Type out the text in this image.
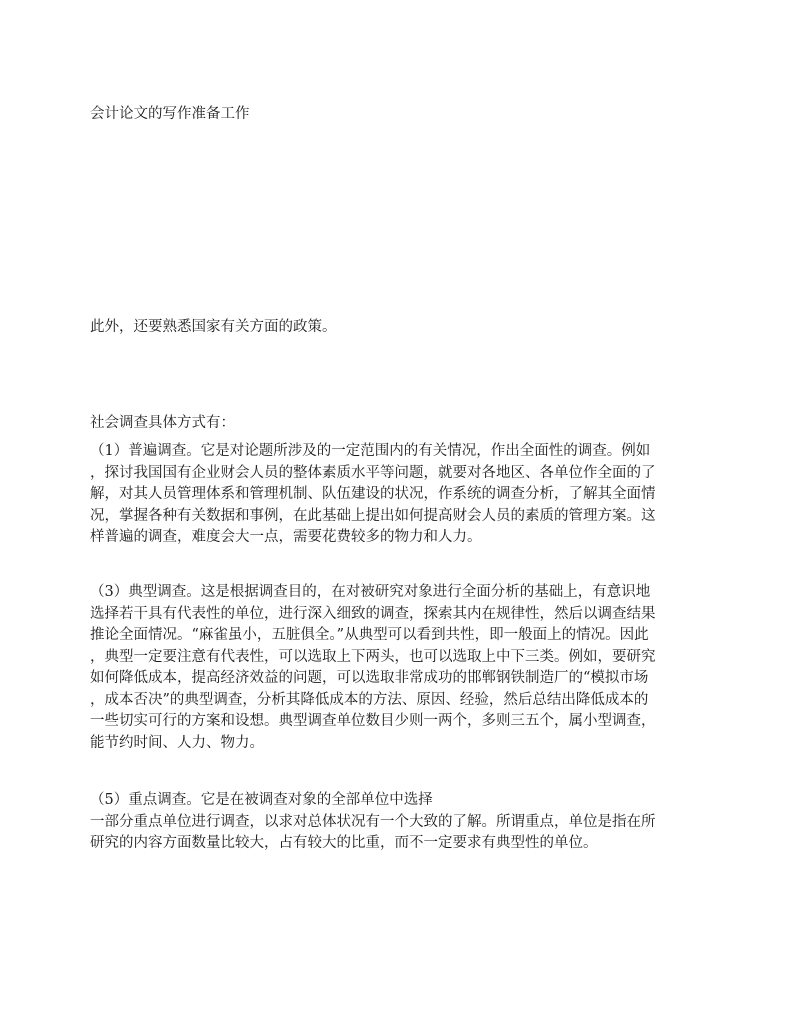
会计论文的写作准备工作

此外，还要熟悉国家有关方面的政策。

社会调查具体方式有：

（1）普遍调查。它是对论题所涉及的一定范围内的有关情况，作出全面性的调查。例如
，探讨我国国有企业财会人员的整体素质水平等问题，就要对各地区、各单位作全面的了
解，对其人员管理体系和管理机制、队伍建设的状况，作系统的调查分析，了解其全面情
况，掌握各种有关数据和事例，在此基础上提出如何提高财会人员的素质的管理方案。这
样普遍的调查，难度会大一点，需要花费较多的物力和人力。

（3）典型调查。这是根据调查目的，在对被研究对象进行全面分析的基础上，有意识地
选择若干具有代表性的单位，进行深入细致的调查，探索其内在规律性，然后以调查结果
推论全面情况。“麻雀虽小，五脏俱全。”从典型可以看到共性，即一般面上的情况。因此
，典型一定要注意有代表性，可以选取上下两头，也可以选取上中下三类。例如，要研究
如何降低成本，提高经济效益的问题，可以选取非常成功的邯郸钢铁制造厂的“模拟市场
，成本否决”的典型调查，分析其降低成本的方法、原因、经验，然后总结出降低成本的
一些切实可行的方案和设想。典型调查单位数目少则一两个，多则三五个，属小型调查，
能节约时间、人力、物力。

（5）重点调查。它是在被调查对象的全部单位中选择
一部分重点单位进行调查，以求对总体状况有一个大致的了解。所谓重点，单位是指在所
研究的内容方面数量比较大，占有较大的比重，而不一定要求有典型性的单位。
